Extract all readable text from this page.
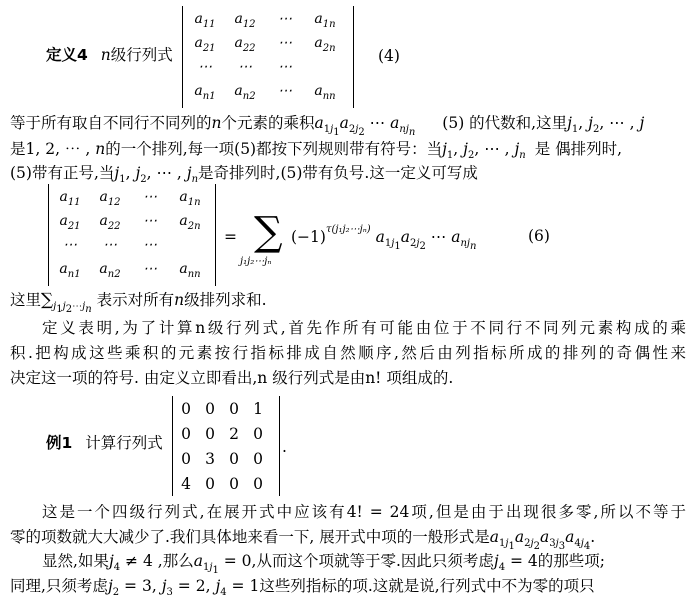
定义4 n级行列式
$a_{11}$	$a_{12}$	⋯	$a_{1n}$
$a_{21}$	$a_{22}$	⋯	$a_{2n}$
⋯	⋯	⋯
$a_{n1}$	$a_{n2}$	⋯	$a_{nn}$
(4)
等于所有取自不同行不同列的n个元素的乘积$a_{1j_1}a_{2j_2}$ ⋯ $a_{nj_n}$ (5) 的代数和,这里$j_1$, $j_2$, ⋯ , j
是1, 2, ⋯ , n的一个排列,每一项(5)都按下列规则带有符号：当$j_1$, $j_2$, ⋯ , $j_n$ 是 偶排列时,
(5)带有正号,当$j_1$, $j_2$, ⋯ , $j_n$是奇排列时,(5)带有负号.这一定义可写成
$a_{11}$	$a_{12}$	⋯	$a_{1n}$
$a_{21}$	$a_{22}$	⋯	$a_{2n}$
⋯	⋯	⋯
$a_{n1}$	$a_{n2}$	⋯	$a_{nn}$
= ∑
j₁j₂⋯jₙ
$(-1)^{\tau(j_1j_2\cdots j_n)}$ $a_{1j_1}a_{2j_2}$ ⋯ $a_{nj_n}$
(6)
这里$\sum_{j_1j_2\cdots j_n}$ 表示对所有n级排列求和.
定义表明,为了计算n级行列式,首先作所有可能由位于不同行不同列元素构成的乘
积.把构成这些乘积的元素按行指标排成自然顺序,然后由列指标所成的排列的奇偶性来
决定这一项的符号. 由定义立即看出,n 级行列式是由n! 项组成的.
例1 计算行列式
0 0 0 1
0 0 2 0
0 3 0 0
4 0 0 0
.
这是一个四级行列式,在展开式中应该有4! = 24项,但是由于出现很多零,所以不等于
零的项数就大大减少了.我们具体地来看一下, 展开式中项的一般形式是$a_{1j_1}a_{2j_2}a_{3j_3}a_{4j_4}$.
显然,如果$j_4 \ne 4$ ,那么$a_{1j_1} = 0$,从而这个项就等于零.因此只须考虑$j_4 = 4$的那些项;
同理,只须考虑$j_2 = 3$, $j_3 = 2$, $j_4 = 1$这些列指标的项.这就是说,行列式中不为零的项只
